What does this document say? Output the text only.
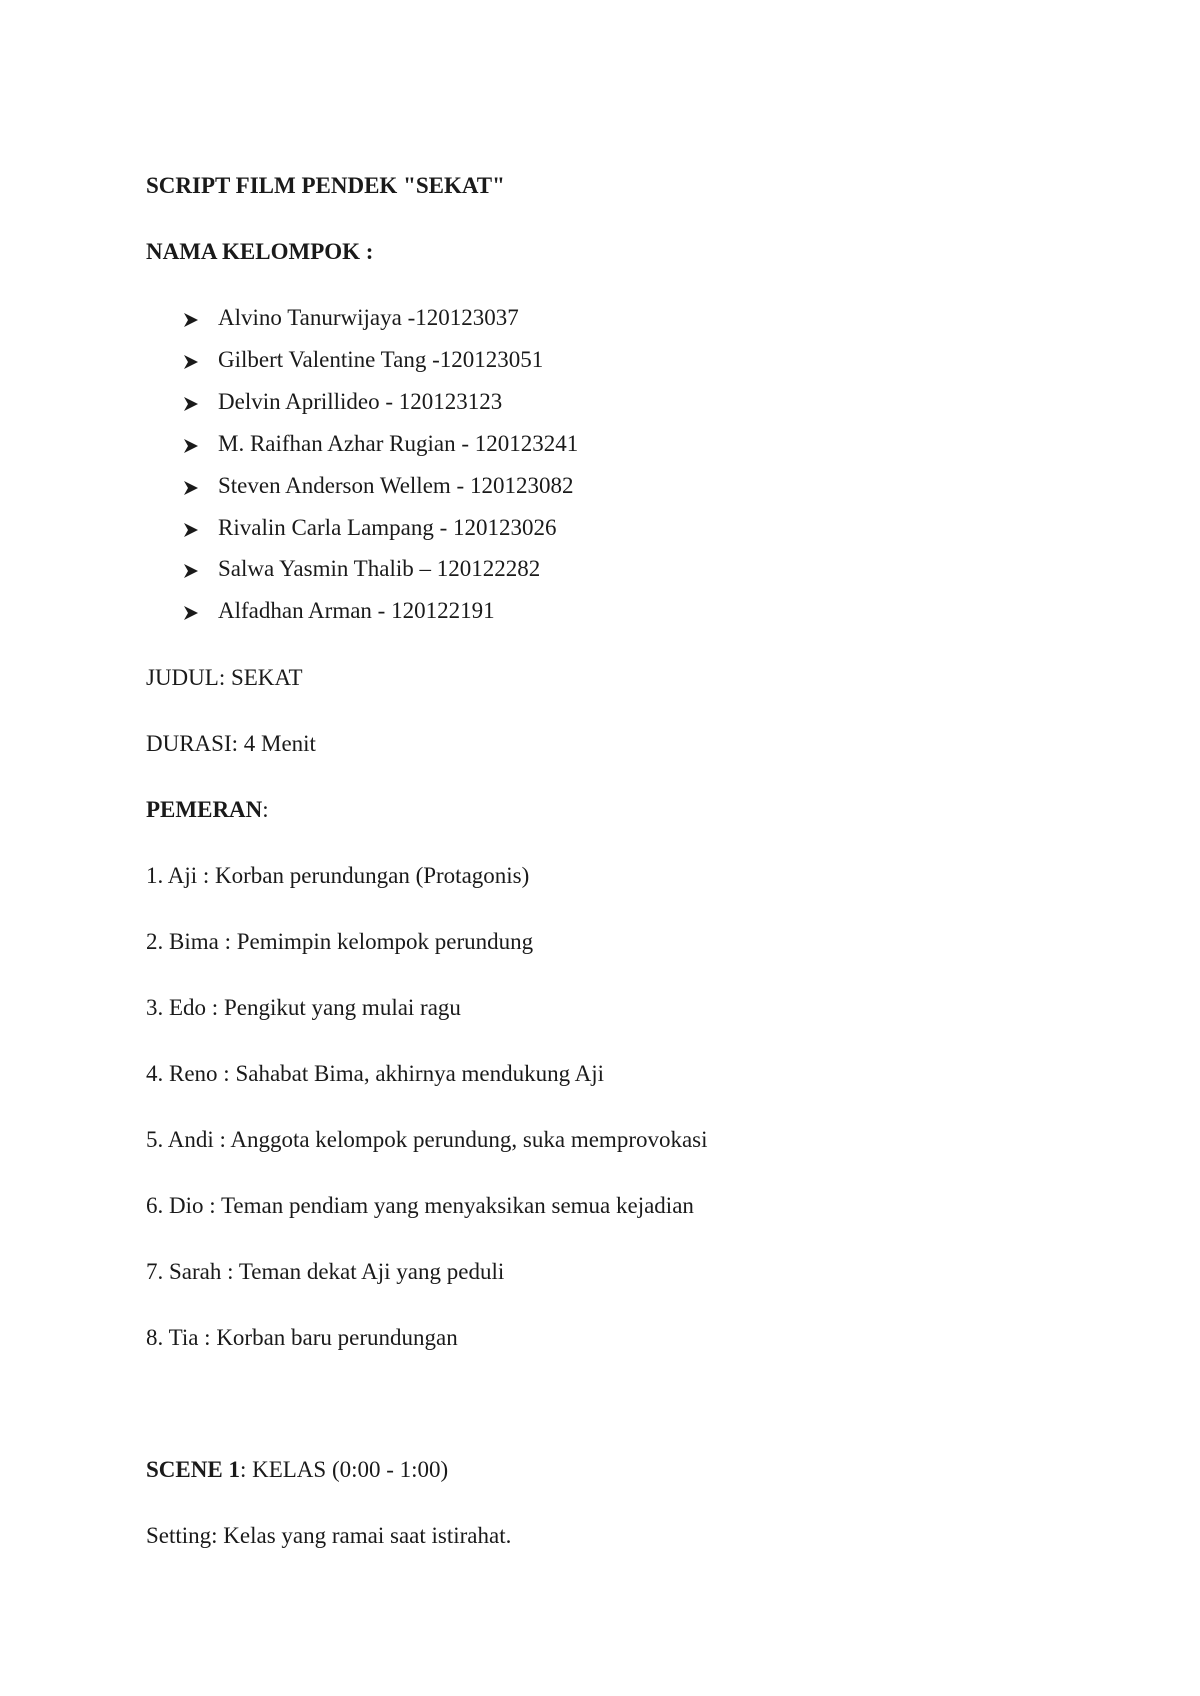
SCRIPT FILM PENDEK "SEKAT"
NAMA KELOMPOK :
Alvino Tanurwijaya -120123037
Gilbert Valentine Tang -120123051
Delvin Aprillideo - 120123123
M. Raifhan Azhar Rugian - 120123241
Steven Anderson Wellem - 120123082
Rivalin Carla Lampang - 120123026
Salwa Yasmin Thalib – 120122282
Alfadhan Arman - 120122191
JUDUL: SEKAT
DURASI: 4 Menit
PEMERAN:
1. Aji : Korban perundungan (Protagonis)
2. Bima : Pemimpin kelompok perundung
3. Edo : Pengikut yang mulai ragu
4. Reno : Sahabat Bima, akhirnya mendukung Aji
5. Andi : Anggota kelompok perundung, suka memprovokasi
6. Dio : Teman pendiam yang menyaksikan semua kejadian
7. Sarah : Teman dekat Aji yang peduli
8. Tia : Korban baru perundungan
SCENE 1: KELAS (0:00 - 1:00)
Setting: Kelas yang ramai saat istirahat.
